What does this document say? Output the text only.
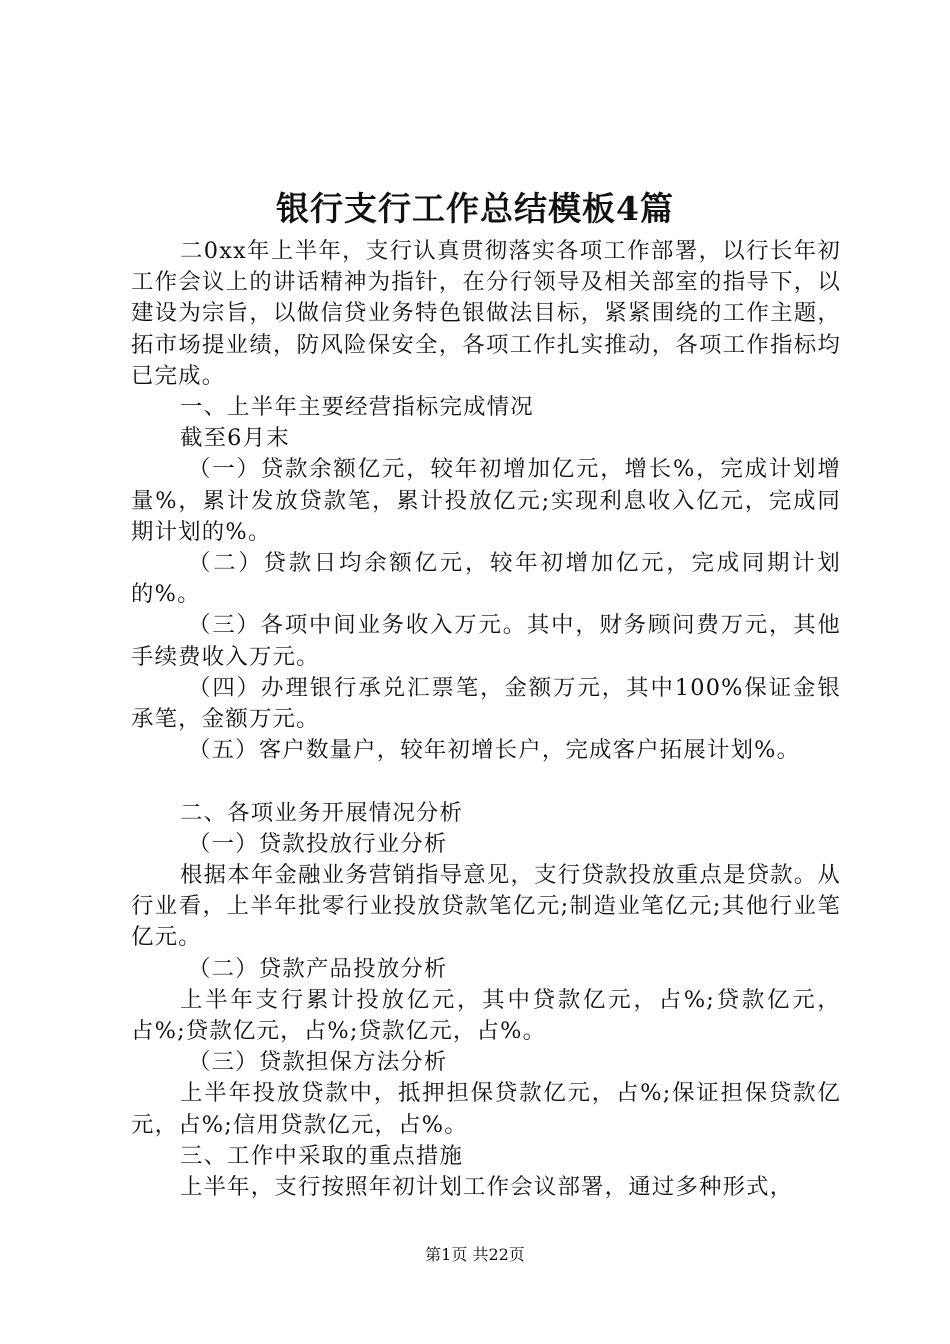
银行支行工作总结模板4篇

二0xx年上半年，支行认真贯彻落实各项工作部署，以行长年初工作会议上的讲话精神为指针，在分行领导及相关部室的指导下，以建设为宗旨，以做信贷业务特色银做法目标，紧紧围绕的工作主题，拓市场提业绩，防风险保安全，各项工作扎实推动，各项工作指标均已完成。

一、上半年主要经营指标完成情况

截至6月末

（一）贷款余额亿元，较年初增加亿元，增长%，完成计划增量%，累计发放贷款笔，累计投放亿元;实现利息收入亿元，完成同期计划的%。

（二）贷款日均余额亿元，较年初增加亿元，完成同期计划的%。

（三）各项中间业务收入万元。其中，财务顾问费万元，其他手续费收入万元。

（四）办理银行承兑汇票笔，金额万元，其中100%保证金银承笔，金额万元。

（五）客户数量户，较年初增长户，完成客户拓展计划%。

二、各项业务开展情况分析

（一）贷款投放行业分析

根据本年金融业务营销指导意见，支行贷款投放重点是贷款。从行业看，上半年批零行业投放贷款笔亿元;制造业笔亿元;其他行业笔亿元。

（二）贷款产品投放分析

上半年支行累计投放亿元，其中贷款亿元，占%;贷款亿元，占%;贷款亿元，占%;贷款亿元，占%。

（三）贷款担保方法分析

上半年投放贷款中，抵押担保贷款亿元，占%;保证担保贷款亿元，占%;信用贷款亿元，占%。

三、工作中采取的重点措施

上半年，支行按照年初计划工作会议部署，通过多种形式，

第1页 共22页
